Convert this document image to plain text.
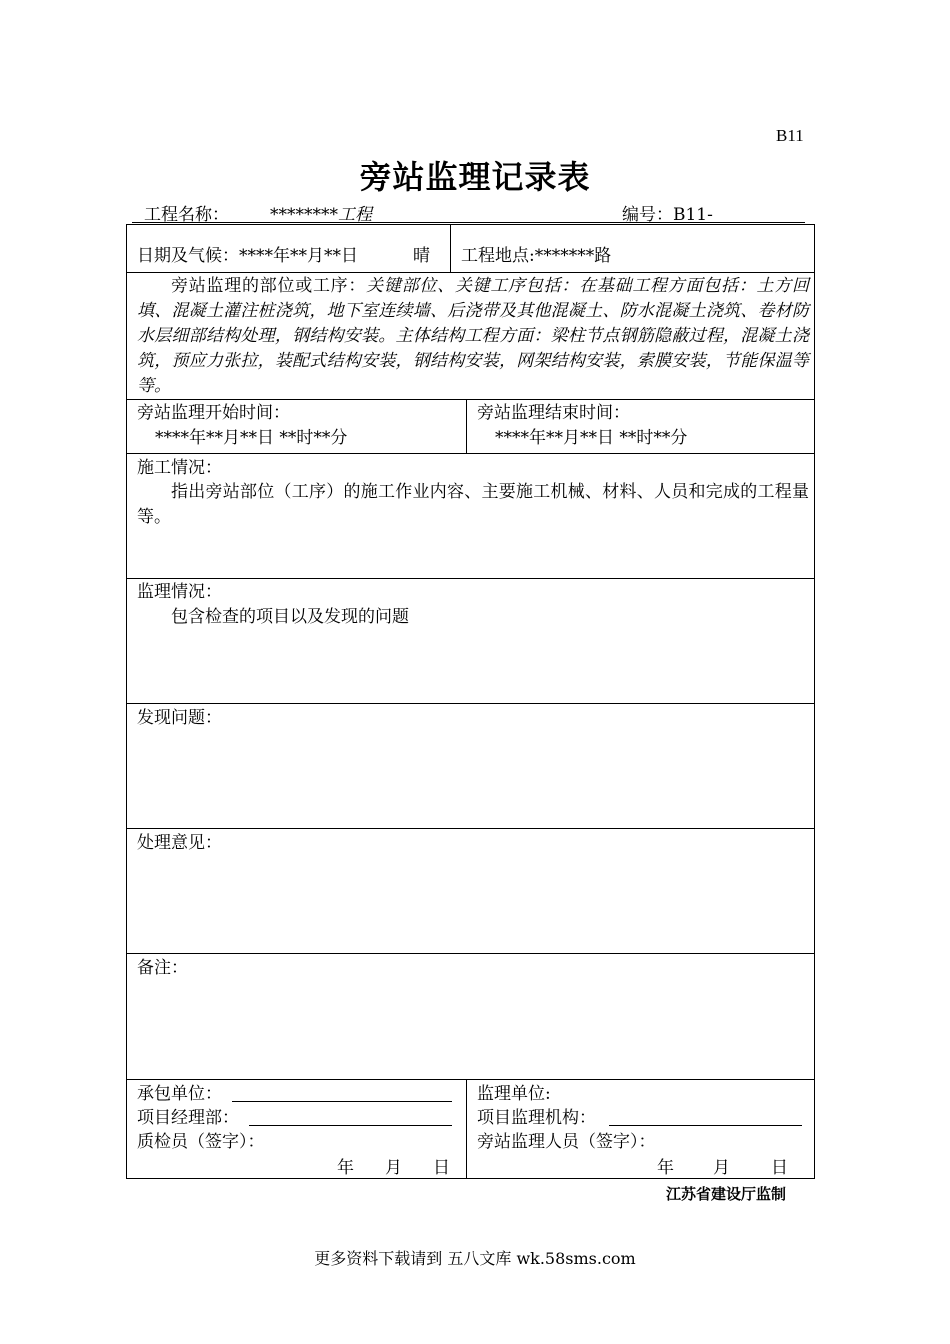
B11
旁站监理记录表
工程名称： ********工程	编号：B11-
日期及气候：****年**月**日	晴 工程地点:*******路
旁站监理的部位或工序：关键部位、关键工序包括：在基础工程方面包括：土方回填、混凝土灌注桩浇筑，地下室连续墙、后浇带及其他混凝土、防水混凝土浇筑、卷材防水层细部结构处理，钢结构安装。主体结构工程方面：梁柱节点钢筋隐蔽过程，混凝土浇筑，预应力张拉，装配式结构安装，钢结构安装，网架结构安装，索膜安装，节能保温等等。
旁站监理开始时间：
****年**月**日 **时**分
旁站监理结束时间：
****年**月**日 **时**分
施工情况：
指出旁站部位（工序）的施工作业内容、主要施工机械、材料、人员和完成的工程量等。
监理情况：
包含检查的项目以及发现的问题
发现问题：
处理意见：
备注：
承包单位：
项目经理部：
质检员（签字）：
年 月 日
监理单位:
项目监理机构：
旁站监理人员（签字）：
年 月 日
江苏省建设厅监制
更多资料下载请到 五八文库 wk.58sms.com
